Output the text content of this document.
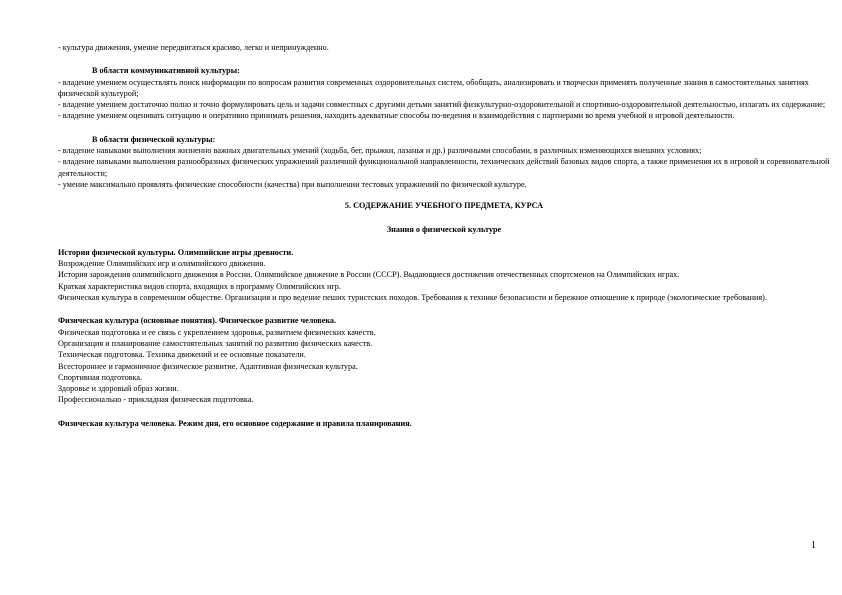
- культура движения, умение передвигаться красиво, легко и непринужденно.
В области коммуникативной культуры:
- владение умением осуществлять поиск информации по вопросам развития современных оздоровительных систем, обобщать, анализировать и творчески применять полученные знания в самостоятельных занятиях физической культурой;
- владение умением достаточно полно и точно формулировать цель и задачи совместных с другими детьми занятий физкультурно-оздоровительной и спортивно-оздоровительной деятельностью, излагать их содержание;
- владение умением оценивать ситуацию и оперативно принимать решения, находить адекватные способы по-ведения и взаимодействия с партнерами во время учебной и игровой деятельности.
В области физической культуры:
- владение навыками выполнения жизненно важных двигательных умений (ходьба, бег, прыжки, лазанья и др.) различными способами, в различных изменяющихся внешних условиях;
- владение навыками выполнения разнообразных физических упражнений различной функциональной направленности, технических действий базовых видов спорта, а также применения их в игровой и соревновательной деятельности;
- умение максимально проявлять физические способности (качества) при выполнении тестовых упражнений по физической культуре.
5. СОДЕРЖАНИЕ УЧЕБНОГО ПРЕДМЕТА, КУРСА
Знания о физической культуре
История физической культуры. Олимпийские игры древности.
Возрождение Олимпийских игр и олимпийского движения.
История зарождения олимпийского движения в России. Олимпийское движение в России (СССР). Выдающиеся достижения отечественных спортсменов на Олимпийских играх.
Краткая характеристика видов спорта, входящих в программу Олимпийских игр.
Физическая культура в современном обществе. Организация и про ведение пеших туристских походов. Требования к технике безопасности и бережное отношение к природе (экологические требования).
Физическая культура (основные понятия). Физическое развитие человека.
Физическая подготовка и ее связь с укреплением здоровья, развитием физических качеств.
Организация и планирование самостоятельных занятий по развитию физических качеств.
Техническая подготовка. Техника движений и ее основные показатели.
Всестороннее и гармоничное физическое развитие. Адаптивная физическая культура.
Спортивная подготовка.
Здоровье и здоровый образ жизни.
Профессионально - прикладная физическая подготовка.
Физическая культура человека. Режим дня, его основное содержание и правила планирования.
1
